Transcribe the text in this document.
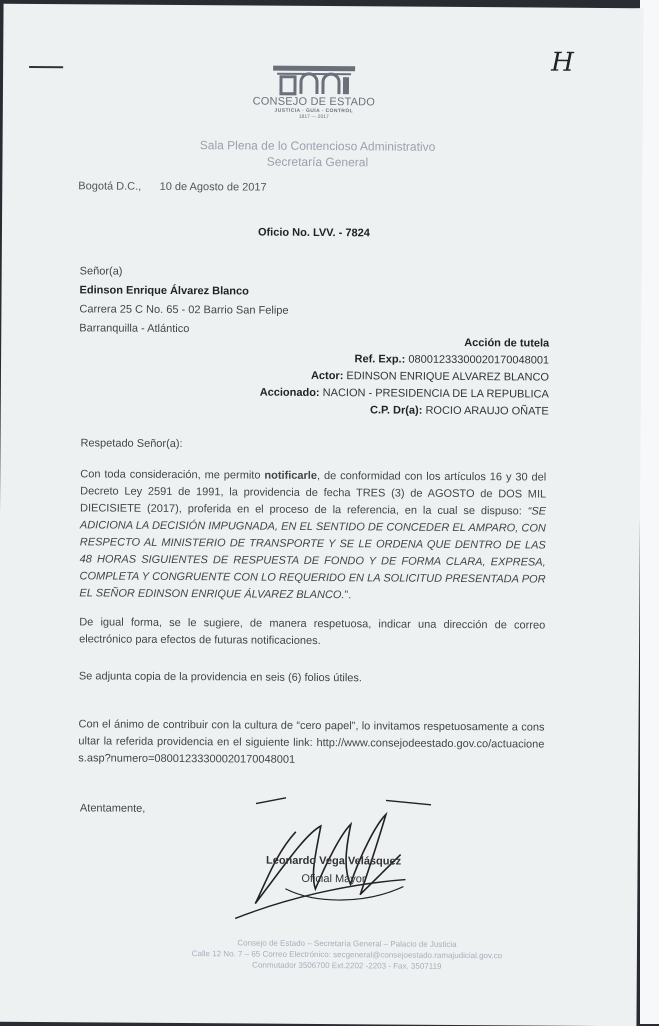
H
CONSEJO DE ESTADO
JUSTICIA · GUÍA · CONTROL
1817 — 2017
Sala Plena de lo Contencioso Administrativo
Secretaría General
Bogotá D.C.,      10 de Agosto de 2017
Oficio No. LVV. - 7824
Señor(a)
Edinson Enrique Álvarez Blanco
Carrera 25 C No. 65 - 02 Barrio San Felipe
Barranquilla - Atlántico
Acción de tutela
Ref. Exp.: 08001233300020170048001
Actor: EDINSON ENRIQUE ALVAREZ BLANCO
Accionado: NACION - PRESIDENCIA DE LA REPUBLICA
C.P. Dr(a): ROCIO ARAUJO OÑATE
Respetado Señor(a):
Con toda consideración, me permito notificarle, de conformidad con los artículos 16 y 30 del Decreto Ley 2591 de 1991, la providencia de fecha TRES (3) de AGOSTO de DOS MIL DIECISIETE (2017), proferida en el proceso de la referencia, en la cual se dispuso: “SE ADICIONA LA DECISIÓN IMPUGNADA, EN EL SENTIDO DE CONCEDER EL AMPARO, CON RESPECTO AL MINISTERIO DE TRANSPORTE Y SE LE ORDENA QUE DENTRO DE LAS 48 HORAS SIGUIENTES DE RESPUESTA DE FONDO Y DE FORMA CLARA, EXPRESA, COMPLETA Y CONGRUENTE CON LO REQUERIDO EN LA SOLICITUD PRESENTADA POR EL SEÑOR EDINSON ENRIQUE ÁLVAREZ BLANCO.”.
De igual forma, se le sugiere, de manera respetuosa, indicar una dirección de correo electrónico para efectos de futuras notificaciones.
Se adjunta copia de la providencia en seis (6) folios útiles.
Con el ánimo de contribuir con la cultura de “cero papel”, lo invitamos respetuosamente a consultar la referida providencia en el siguiente link: http://www.consejodeestado.gov.co/actuaciones.asp?numero=08001233300020170048001
Atentamente,
Leonardo Vega Velásquez
Oficial Mayor
Consejo de Estado – Secretaría General – Palacio de Justicia
Calle 12 No. 7 – 65 Correo Electrónico: secgeneral@consejoestado.ramajudicial.gov.co
Conmutador 3506700 Ext.2202 -2203 - Fax. 3507119
